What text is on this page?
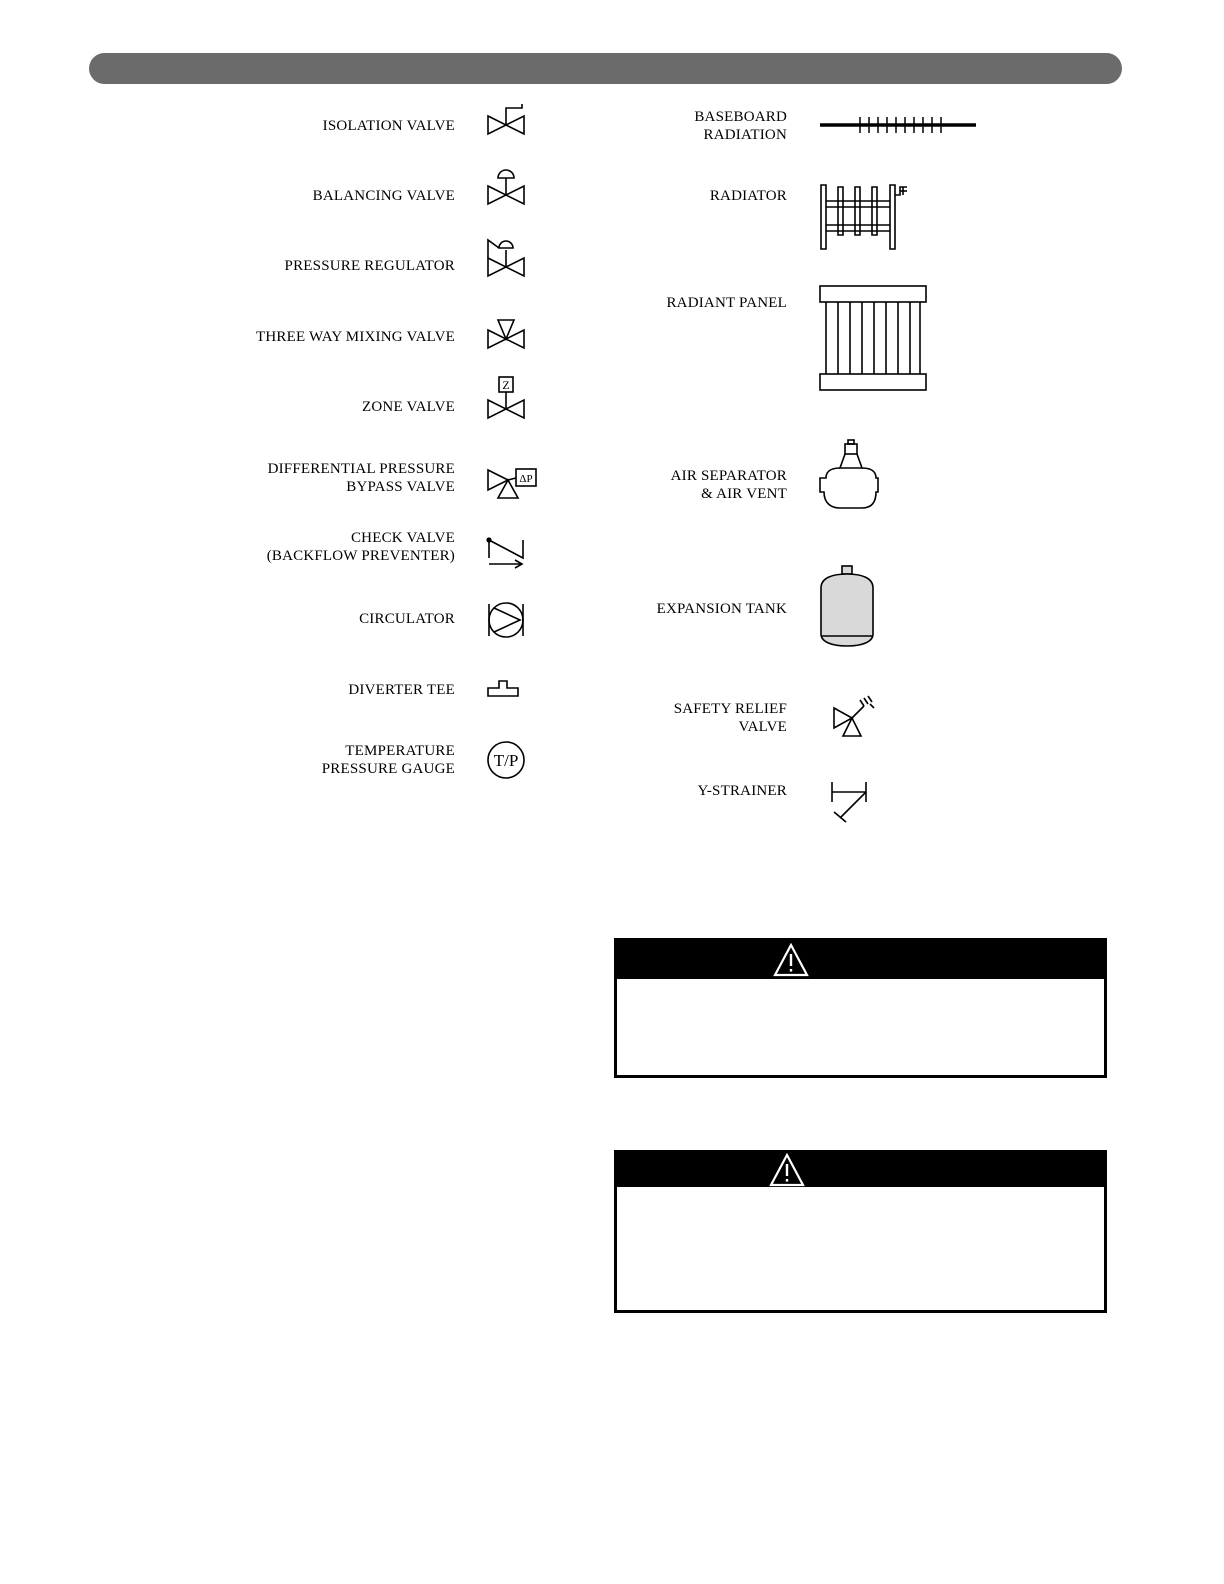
ISOLATION VALVE
BALANCING VALVE
PRESSURE REGULATOR
THREE WAY MIXING VALVE
ZONE VALVE
DIFFERENTIAL PRESSURE
BYPASS VALVE
CHECK VALVE
(BACKFLOW PREVENTER)
CIRCULATOR
DIVERTER TEE
TEMPERATURE
PRESSURE GAUGE
Z
ΔP
T/P
BASEBOARD
RADIATION
RADIATOR
RADIANT PANEL
AIR SEPARATOR
& AIR VENT
EXPANSION TANK
SAFETY RELIEF
VALVE
Y-STRAINER
